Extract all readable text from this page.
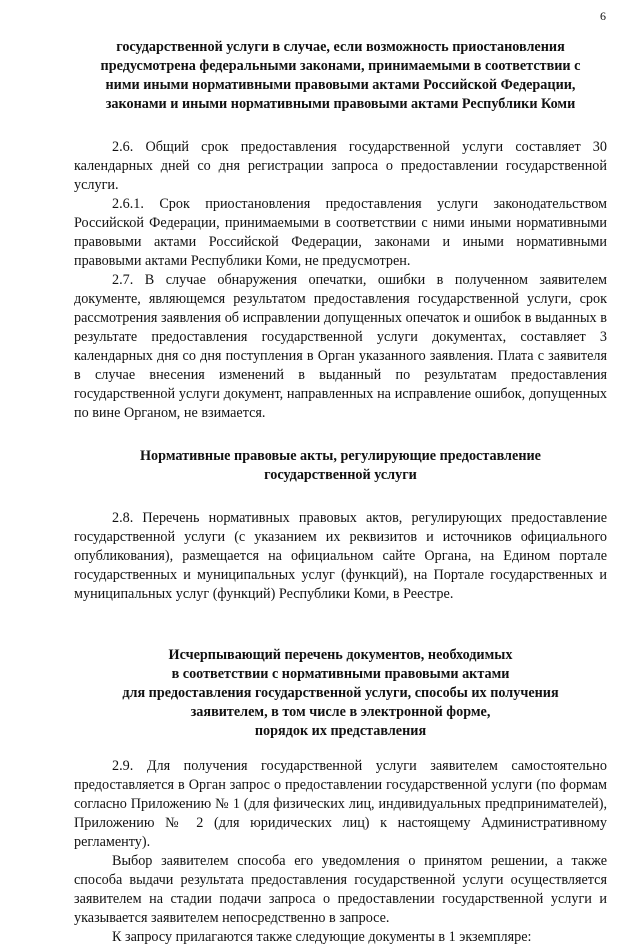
6
государственной услуги в случае, если возможность приостановления
предусмотрена федеральными законами, принимаемыми в соответствии с
ними иными нормативными правовыми актами Российской Федерации,
законами и иными нормативными правовыми актами Республики Коми

2.6. Общий срок предоставления государственной услуги составляет 30 календарных дней со дня регистрации запроса о предоставлении государственной услуги.

2.6.1. Срок приостановления предоставления услуги законодательством Российской Федерации, принимаемыми в соответствии с ними иными нормативными правовыми актами Российской Федерации, законами и иными нормативными правовыми актами Республики Коми, не предусмотрен.

2.7. В случае обнаружения опечатки, ошибки в полученном заявителем документе, являющемся результатом предоставления государственной услуги, срок рассмотрения заявления об исправлении допущенных опечаток и ошибок в выданных в результате предоставления государственной услуги документах, составляет 3 календарных дня со дня поступления в Орган указанного заявления. Плата с заявителя в случае внесения изменений в выданный по результатам предоставления государственной услуги документ, направленных на исправление ошибок, допущенных по вине Органом, не взимается.

Нормативные правовые акты, регулирующие предоставление
государственной услуги

2.8. Перечень нормативных правовых актов, регулирующих предоставление государственной услуги (с указанием их реквизитов и источников официального опубликования), размещается на официальном сайте Органа, на Едином портале государственных и муниципальных услуг (функций), на Портале государственных и муниципальных услуг (функций) Республики Коми, в Реестре.

Исчерпывающий перечень документов, необходимых
в соответствии с нормативными правовыми актами
для предоставления государственной услуги, способы их получения
заявителем, в том числе в электронной форме,
порядок их представления

2.9. Для получения государственной услуги заявителем самостоятельно предоставляется в Орган запрос о предоставлении государственной услуги (по формам согласно Приложению № 1 (для физических лиц, индивидуальных предпринимателей), Приложению № 2 (для юридических лиц) к настоящему Административному регламенту).

Выбор заявителем способа его уведомления о принятом решении, а также способа выдачи результата предоставления государственной услуги осуществляется заявителем на стадии подачи запроса о предоставлении государственной услуги и указывается заявителем непосредственно в запросе.

К запросу прилагаются также следующие документы в 1 экземпляре:
